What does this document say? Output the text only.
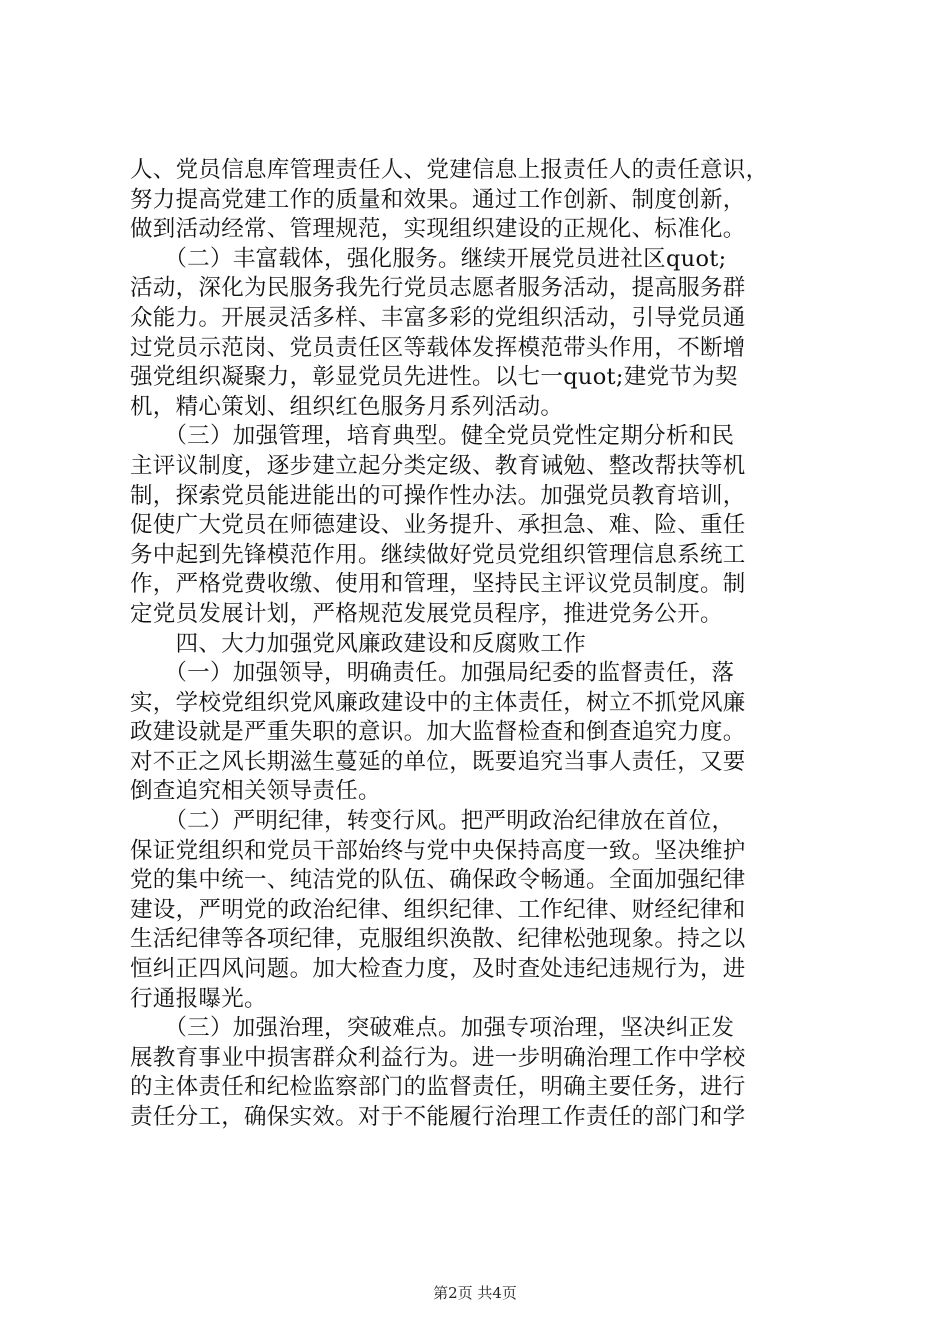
人、党员信息库管理责任人、党建信息上报责任人的责任意识，
努力提高党建工作的质量和效果。通过工作创新、制度创新，
做到活动经常、管理规范，实现组织建设的正规化、标准化。
　　（二）丰富载体，强化服务。继续开展党员进社区quot;
活动，深化为民服务我先行党员志愿者服务活动，提高服务群
众能力。开展灵活多样、丰富多彩的党组织活动，引导党员通
过党员示范岗、党员责任区等载体发挥模范带头作用，不断增
强党组织凝聚力，彰显党员先进性。以七一quot;建党节为契
机，精心策划、组织红色服务月系列活动。
　　（三）加强管理，培育典型。健全党员党性定期分析和民
主评议制度，逐步建立起分类定级、教育诫勉、整改帮扶等机
制，探索党员能进能出的可操作性办法。加强党员教育培训，
促使广大党员在师德建设、业务提升、承担急、难、险、重任
务中起到先锋模范作用。继续做好党员党组织管理信息系统工
作，严格党费收缴、使用和管理，坚持民主评议党员制度。制
定党员发展计划，严格规范发展党员程序，推进党务公开。
　　四、大力加强党风廉政建设和反腐败工作
　　（一）加强领导，明确责任。加强局纪委的监督责任，落
实，学校党组织党风廉政建设中的主体责任，树立不抓党风廉
政建设就是严重失职的意识。加大监督检查和倒查追究力度。
对不正之风长期滋生蔓延的单位，既要追究当事人责任，又要
倒查追究相关领导责任。
　　（二）严明纪律，转变行风。把严明政治纪律放在首位，
保证党组织和党员干部始终与党中央保持高度一致。坚决维护
党的集中统一、纯洁党的队伍、确保政令畅通。全面加强纪律
建设，严明党的政治纪律、组织纪律、工作纪律、财经纪律和
生活纪律等各项纪律，克服组织涣散、纪律松弛现象。持之以
恒纠正四风问题。加大检查力度，及时查处违纪违规行为，进
行通报曝光。
　　（三）加强治理，突破难点。加强专项治理，坚决纠正发
展教育事业中损害群众利益行为。进一步明确治理工作中学校
的主体责任和纪检监察部门的监督责任，明确主要任务，进行
责任分工，确保实效。对于不能履行治理工作责任的部门和学
第2页 共4页
